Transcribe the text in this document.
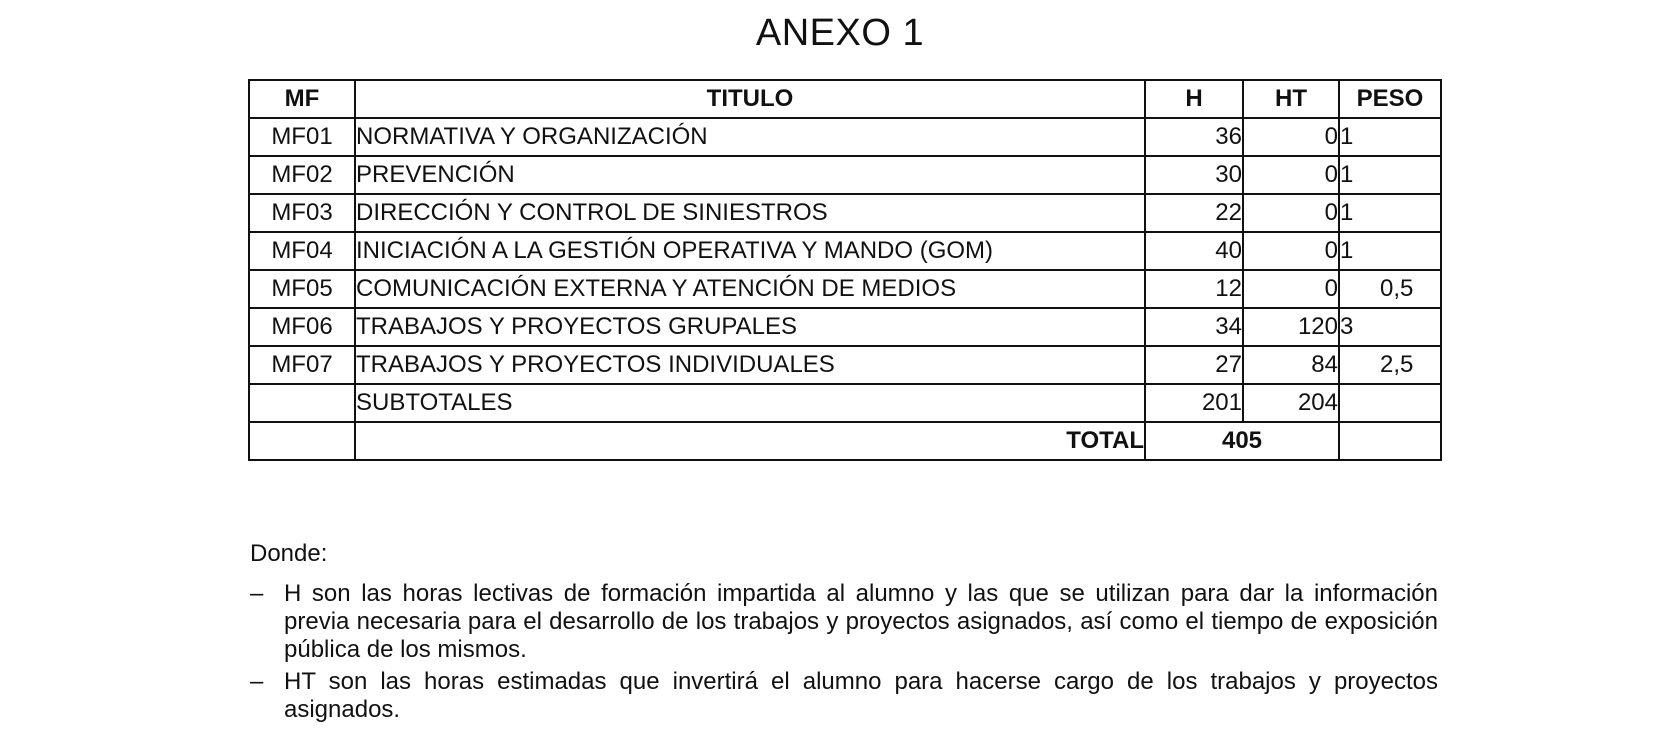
ANEXO 1
MF	TITULO	H	HT	PESO
MF01	NORMATIVA Y ORGANIZACIÓN	36	0	1
MF02	PREVENCIÓN	30	0	1
MF03	DIRECCIÓN Y CONTROL DE SINIESTROS	22	0	1
MF04	INICIACIÓN A LA GESTIÓN OPERATIVA Y MANDO (GOM)	40	0	1
MF05	COMUNICACIÓN EXTERNA Y ATENCIÓN DE MEDIOS	12	0	0,5
MF06	TRABAJOS Y PROYECTOS GRUPALES	34	120	3
MF07	TRABAJOS Y PROYECTOS INDIVIDUALES	27	84	2,5
	SUBTOTALES	201	204	
	TOTAL	405		

Donde:

– H son las horas lectivas de formación impartida al alumno y las que se utilizan para dar la información previa necesaria para el desarrollo de los trabajos y proyectos asignados, así como el tiempo de exposición pública de los mismos.

– HT son las horas estimadas que invertirá el alumno para hacerse cargo de los trabajos y proyectos asignados.
